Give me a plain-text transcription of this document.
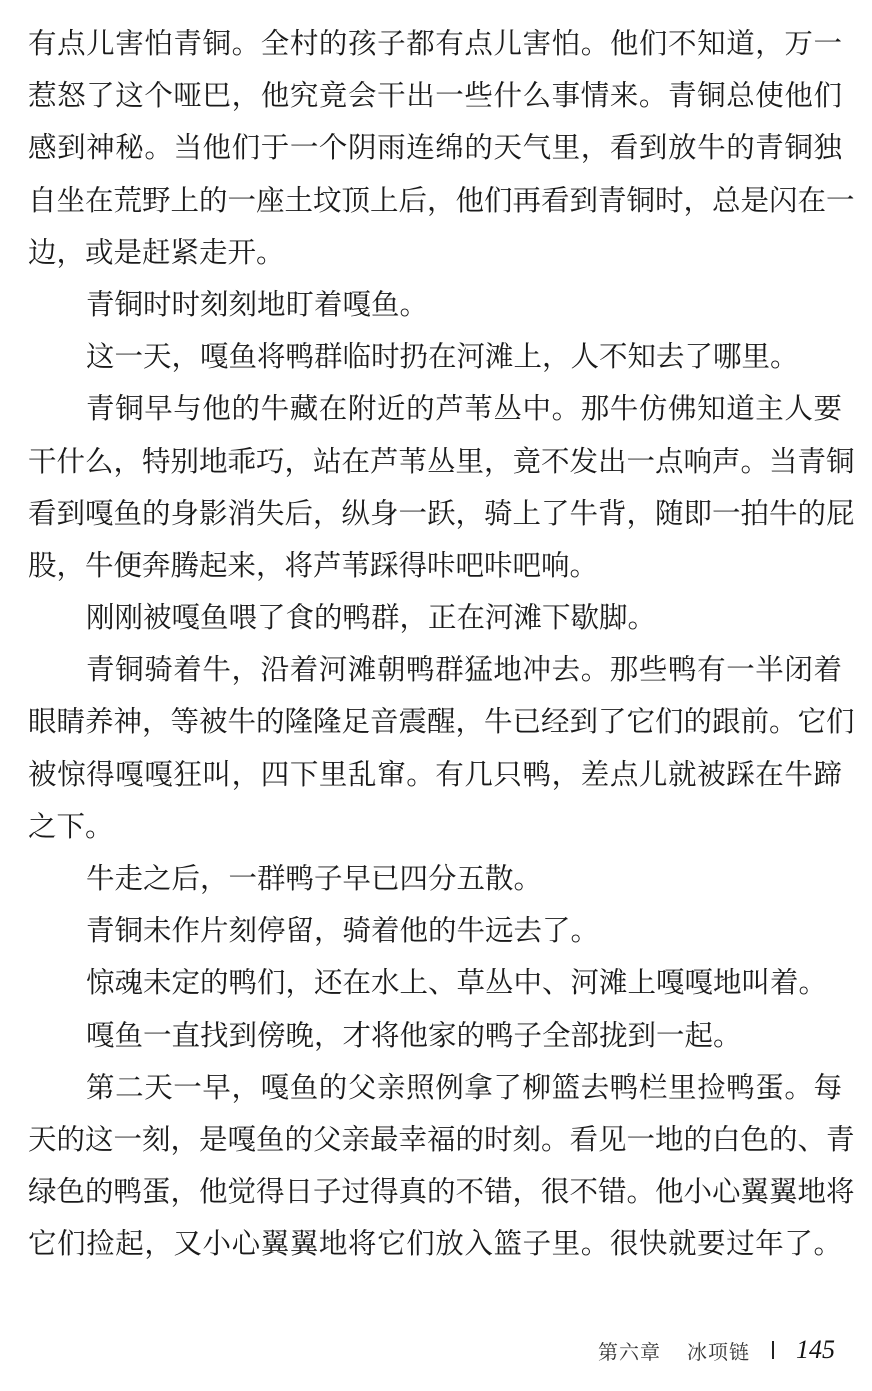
有点儿害怕青铜。全村的孩子都有点儿害怕。他们不知道，万一
惹怒了这个哑巴，他究竟会干出一些什么事情来。青铜总使他们
感到神秘。当他们于一个阴雨连绵的天气里，看到放牛的青铜独
自坐在荒野上的一座土坟顶上后，他们再看到青铜时，总是闪在一
边，或是赶紧走开。
青铜时时刻刻地盯着嘎鱼。
这一天，嘎鱼将鸭群临时扔在河滩上，人不知去了哪里。
青铜早与他的牛藏在附近的芦苇丛中。那牛仿佛知道主人要
干什么，特别地乖巧，站在芦苇丛里，竟不发出一点响声。当青铜
看到嘎鱼的身影消失后，纵身一跃，骑上了牛背，随即一拍牛的屁
股，牛便奔腾起来，将芦苇踩得咔吧咔吧响。
刚刚被嘎鱼喂了食的鸭群，正在河滩下歇脚。
青铜骑着牛，沿着河滩朝鸭群猛地冲去。那些鸭有一半闭着
眼睛养神，等被牛的隆隆足音震醒，牛已经到了它们的跟前。它们
被惊得嘎嘎狂叫，四下里乱窜。有几只鸭，差点儿就被踩在牛蹄
之下。
牛走之后，一群鸭子早已四分五散。
青铜未作片刻停留，骑着他的牛远去了。
惊魂未定的鸭们，还在水上、草丛中、河滩上嘎嘎地叫着。
嘎鱼一直找到傍晚，才将他家的鸭子全部拢到一起。
第二天一早，嘎鱼的父亲照例拿了柳篮去鸭栏里捡鸭蛋。每
天的这一刻，是嘎鱼的父亲最幸福的时刻。看见一地的白色的、青
绿色的鸭蛋，他觉得日子过得真的不错，很不错。他小心翼翼地将
它们捡起，又小心翼翼地将它们放入篮子里。很快就要过年了。
第六章 冰项链 145
